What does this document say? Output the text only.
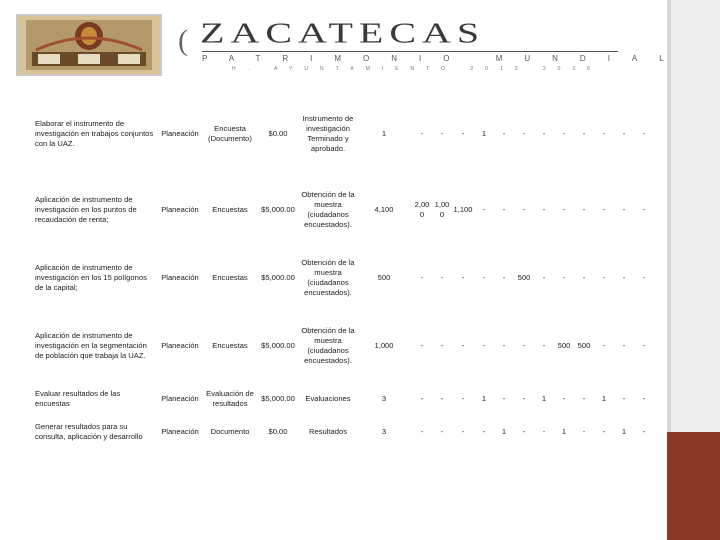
( ZACATECAS
PATRIMONIO MUNDIAL
H. AYUNTAMIENTO 2013 2016
Elaborar el instrumento de investigación en trabajos conjuntos con la UAZ.	Planeación	Encuesta (Documento)	$0.00	Instrumento de investigación Terminado y aprobado.	1	-	-	-	1	-	-	-	-	-	-	-	-
Aplicación de instrumento de investigación en los puntos de recaudación de renta;	Planeación	Encuestas	$5,000.00	Obtención de la muestra (ciudadanos encuestados).	4,100	2,000	1,000	1,100	-	-	-	-	-	-	-	-	-
Aplicación de instrumento de investigación en los 15 polígonos de la capital;	Planeación	Encuestas	$5,000.00	Obtención de la muestra (ciudadanos encuestados).	500	-	-	-	-	-	500	-	-	-	-	-	-
Aplicación de instrumento de investigación en la segmentación de población que trabaja la UAZ.	Planeación	Encuestas	$5,000.00	Obtención de la muestra (ciudadanos encuestados).	1,000	-	-	-	-	-	-	-	500	500	-	-	-
Evaluar resultados de las encuestas	Planeación	Evaluación de resultados	$5,000.00	Evaluaciones	3	-	-	-	1	-	-	1	-	-	1	-	-
Generar resultados para su consulta, aplicación y desarrollo	Planeación	Documento	$0.00	Resultados	3	-	-	-	-	1	-	-	1	-	-	1	-
